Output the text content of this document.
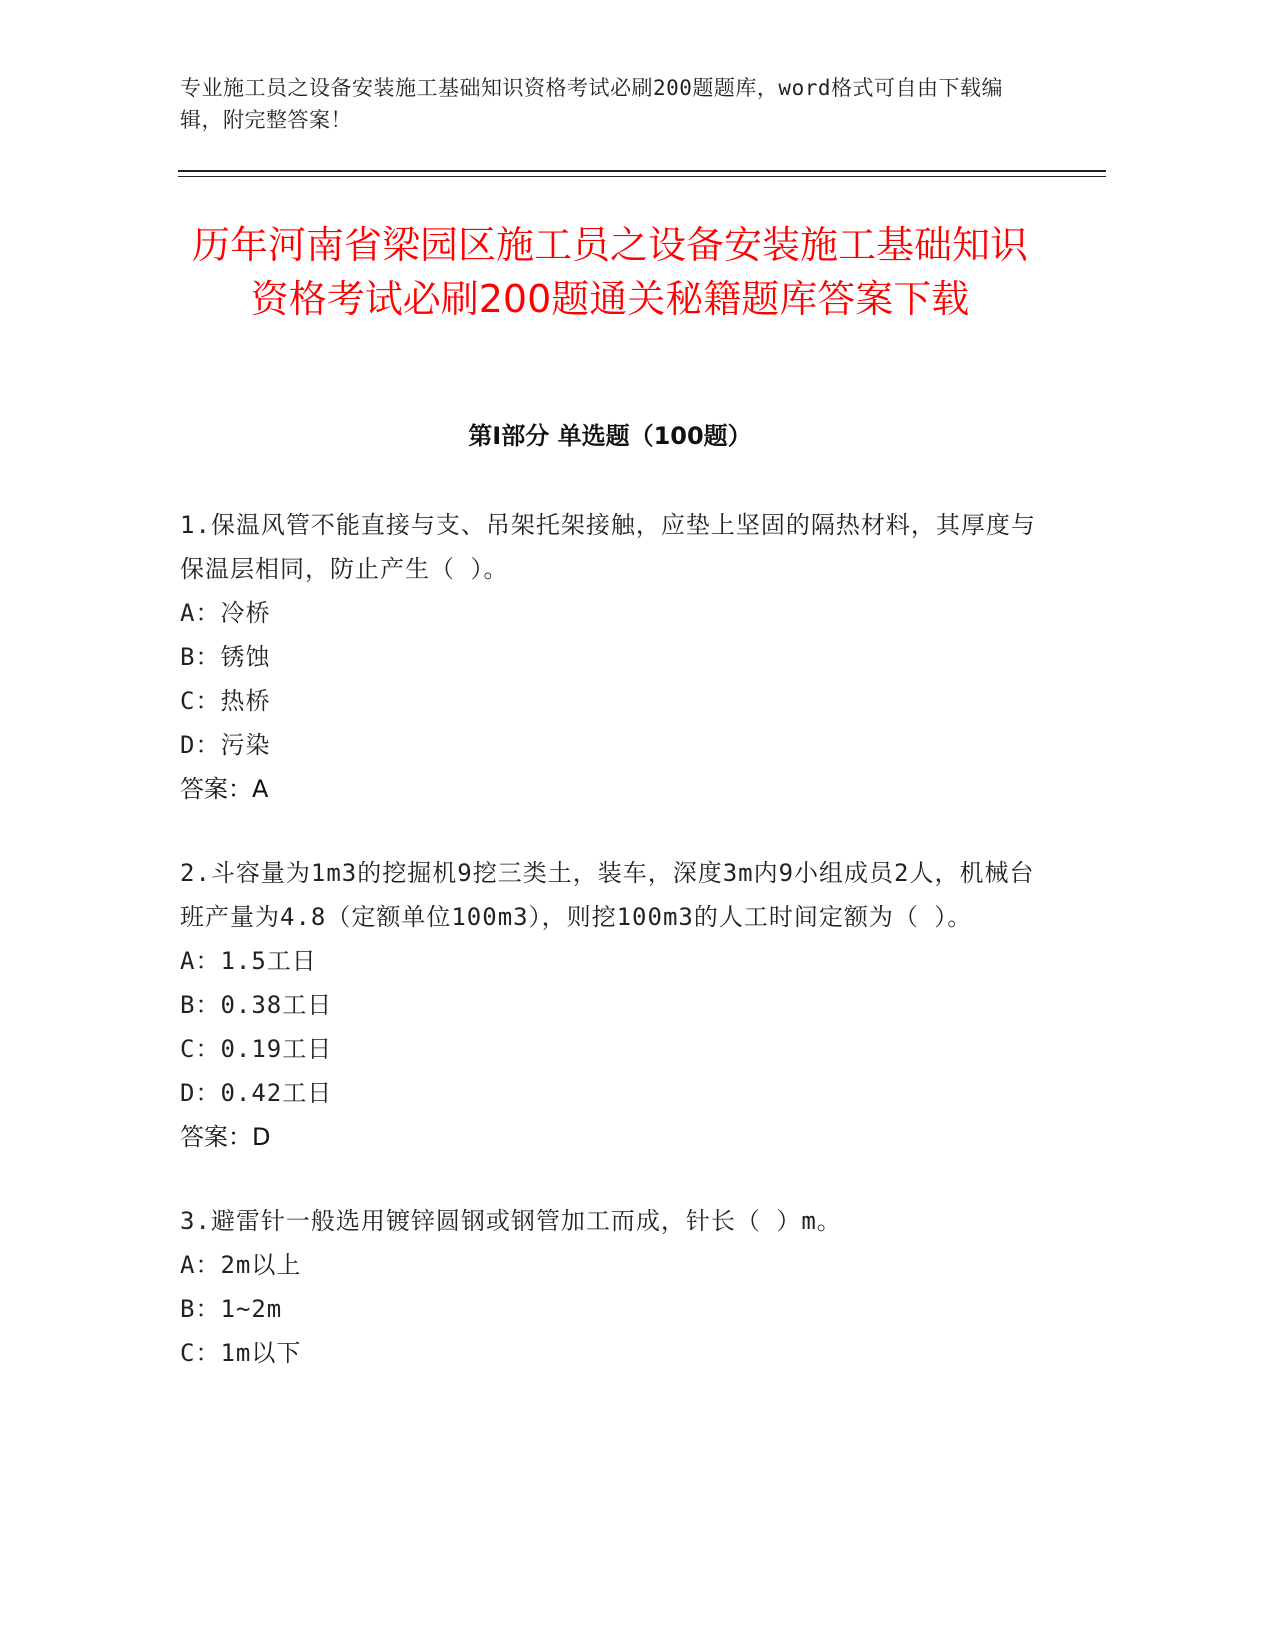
专业施工员之设备安装施工基础知识资格考试必刷200题题库，word格式可自由下载编辑，附完整答案！
历年河南省梁园区施工员之设备安装施工基础知识资格考试必刷200题通关秘籍题库答案下载
第Ⅰ部分 单选题（100题）

1.保温风管不能直接与支、吊架托架接触，应垫上坚固的隔热材料，其厚度与保温层相同，防止产生（ ）。

A：冷桥

B：锈蚀

C：热桥

D：污染

答案：A

2.斗容量为1m3的挖掘机9挖三类土，装车，深度3m内9小组成员2人，机械台班产量为4.8（定额单位100m3），则挖100m3的人工时间定额为（ ）。

A：1.5工日

B：0.38工日

C：0.19工日

D：0.42工日

答案：D

3.避雷针一般选用镀锌圆钢或钢管加工而成，针长（ ）m。

A：2m以上

B：1~2m

C：1m以下
